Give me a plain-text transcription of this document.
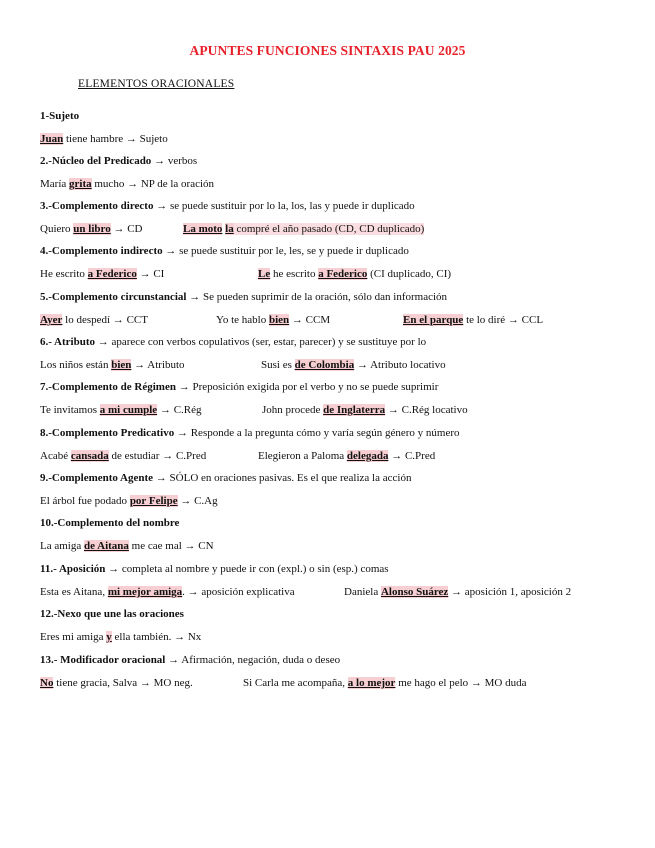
APUNTES FUNCIONES SINTAXIS PAU 2025
ELEMENTOS ORACIONALES
1-Sujeto
Juan tiene hambre → Sujeto
2.-Núcleo del Predicado → verbos
María grita mucho → NP de la oración
3.-Complemento directo → se puede sustituir por lo la, los, las y puede ir duplicado
Quiero un libro → CD	La moto la compré el año pasado (CD, CD duplicado)
4.-Complemento indirecto → se puede sustituir por le, les, se y puede ir duplicado
He escrito a Federico → CI	Le he escrito a Federico (CI duplicado, CI)
5.-Complemento circunstancial → Se pueden suprimir de la oración, sólo dan información
Ayer lo despedí → CCT	Yo te hablo bien → CCM	En el parque te lo diré → CCL
6.- Atributo → aparece con verbos copulativos (ser, estar, parecer) y se sustituye por lo
Los niños están bien → Atributo	Susi es de Colombia → Atributo locativo
7.-Complemento de Régimen → Preposición exigida por el verbo y no se puede suprimir
Te invitamos a mi cumple → C.Rég	John procede de Inglaterra → C.Rég locativo
8.-Complemento Predicativo → Responde a la pregunta cómo y varía según género y número
Acabé cansada de estudiar → C.Pred	Elegieron a Paloma delegada → C.Pred
9.-Complemento Agente → SÓLO en oraciones pasivas. Es el que realiza la acción
El árbol fue podado por Felipe → C.Ag
10.-Complemento del nombre
La amiga de Aitana me cae mal → CN
11.- Aposición → completa al nombre y puede ir con (expl.) o sin (esp.) comas
Esta es Aitana, mi mejor amiga. → aposición explicativa	Daniela Alonso Suárez → aposición 1, aposición 2
12.-Nexo que une las oraciones
Eres mi amiga y ella también. → Nx
13.- Modificador oracional → Afirmación, negación, duda o deseo
No tiene gracia, Salva → MO neg.	Si Carla me acompaña, a lo mejor me hago el pelo → MO duda
